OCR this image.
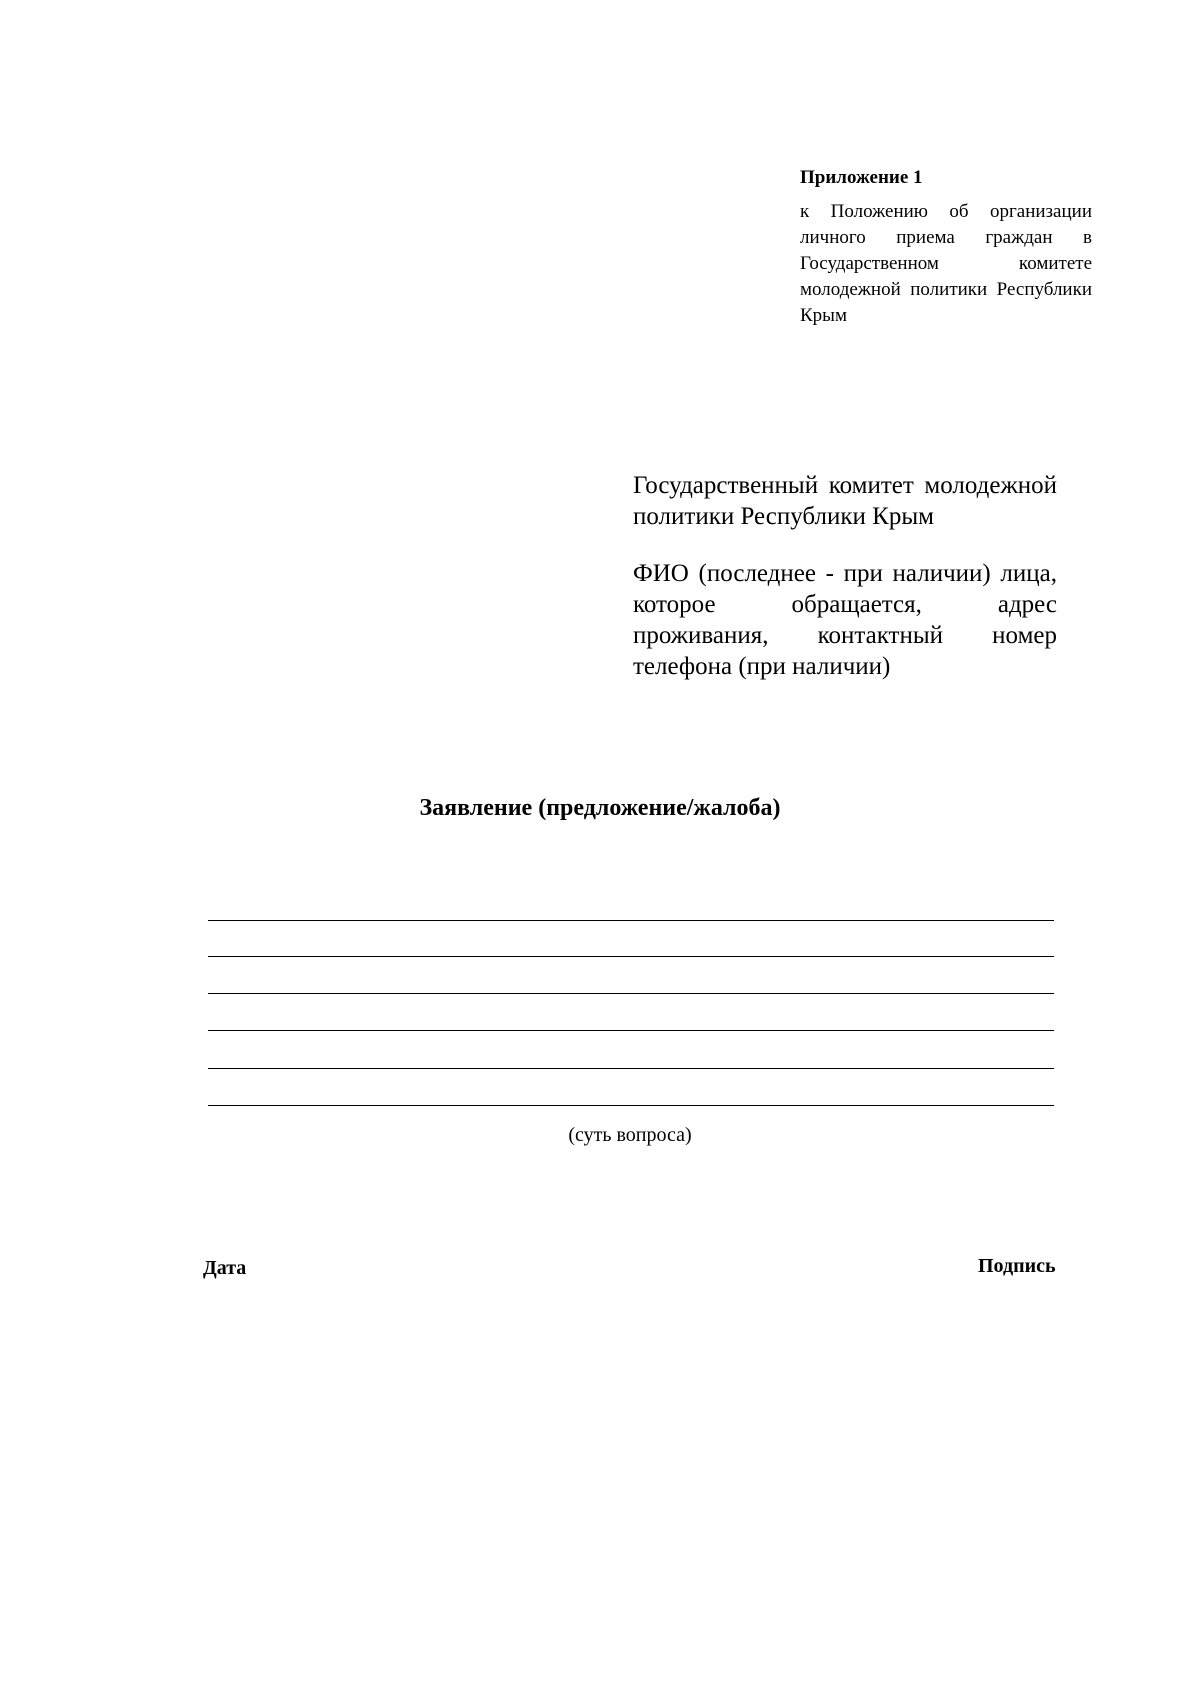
Приложение 1
к Положению об организации личного приема граждан в Государственном комитете молодежной политики Республики Крым

Государственный комитет молодежной политики Республики Крым

ФИО (последнее - при наличии) лица, которое обращается, адрес проживания, контактный номер телефона (при наличии)

Заявление (предложение/жалоба)
(суть вопроса)
Дата	Подпись
